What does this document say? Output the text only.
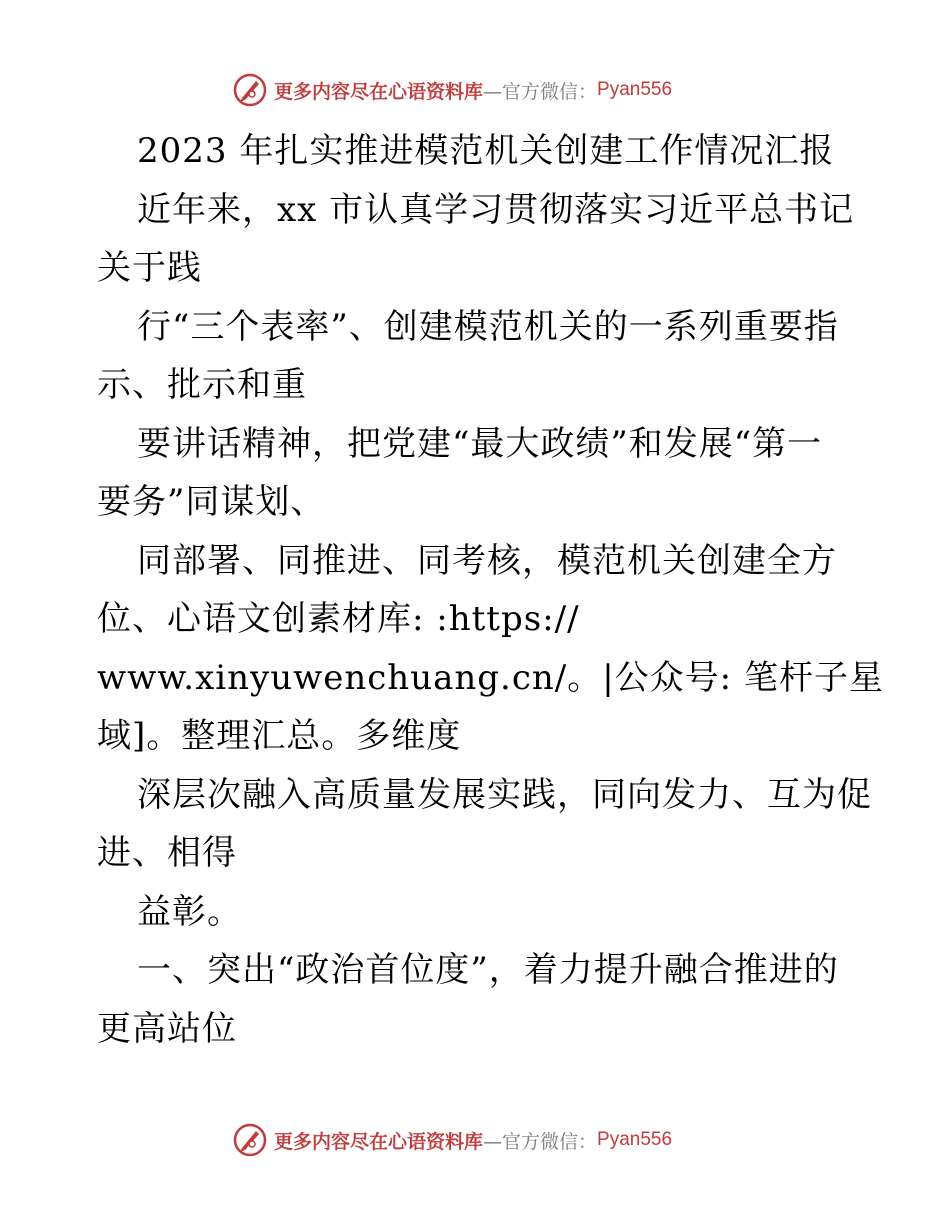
更多内容尽在心语资料库 —官方微信： Pyan556
2023 年扎实推进模范机关创建工作情况汇报
近年来，xx 市认真学习贯彻落实习近平总书记
关于践
行“三个表率”、创建模范机关的一系列重要指
示、批示和重
要讲话精神，把党建“最大政绩”和发展“第一
要务”同谋划、
同部署、同推进、同考核，模范机关创建全方
位、心语文创素材库: :https://
www.xinyuwenchuang.cn/。|公众号: 笔杆子星
域]。整理汇总。多维度
深层次融入高质量发展实践，同向发力、互为促
进、相得
益彰。
一、突出“政治首位度”，着力提升融合推进的
更高站位
更多内容尽在心语资料库 —官方微信： Pyan556
